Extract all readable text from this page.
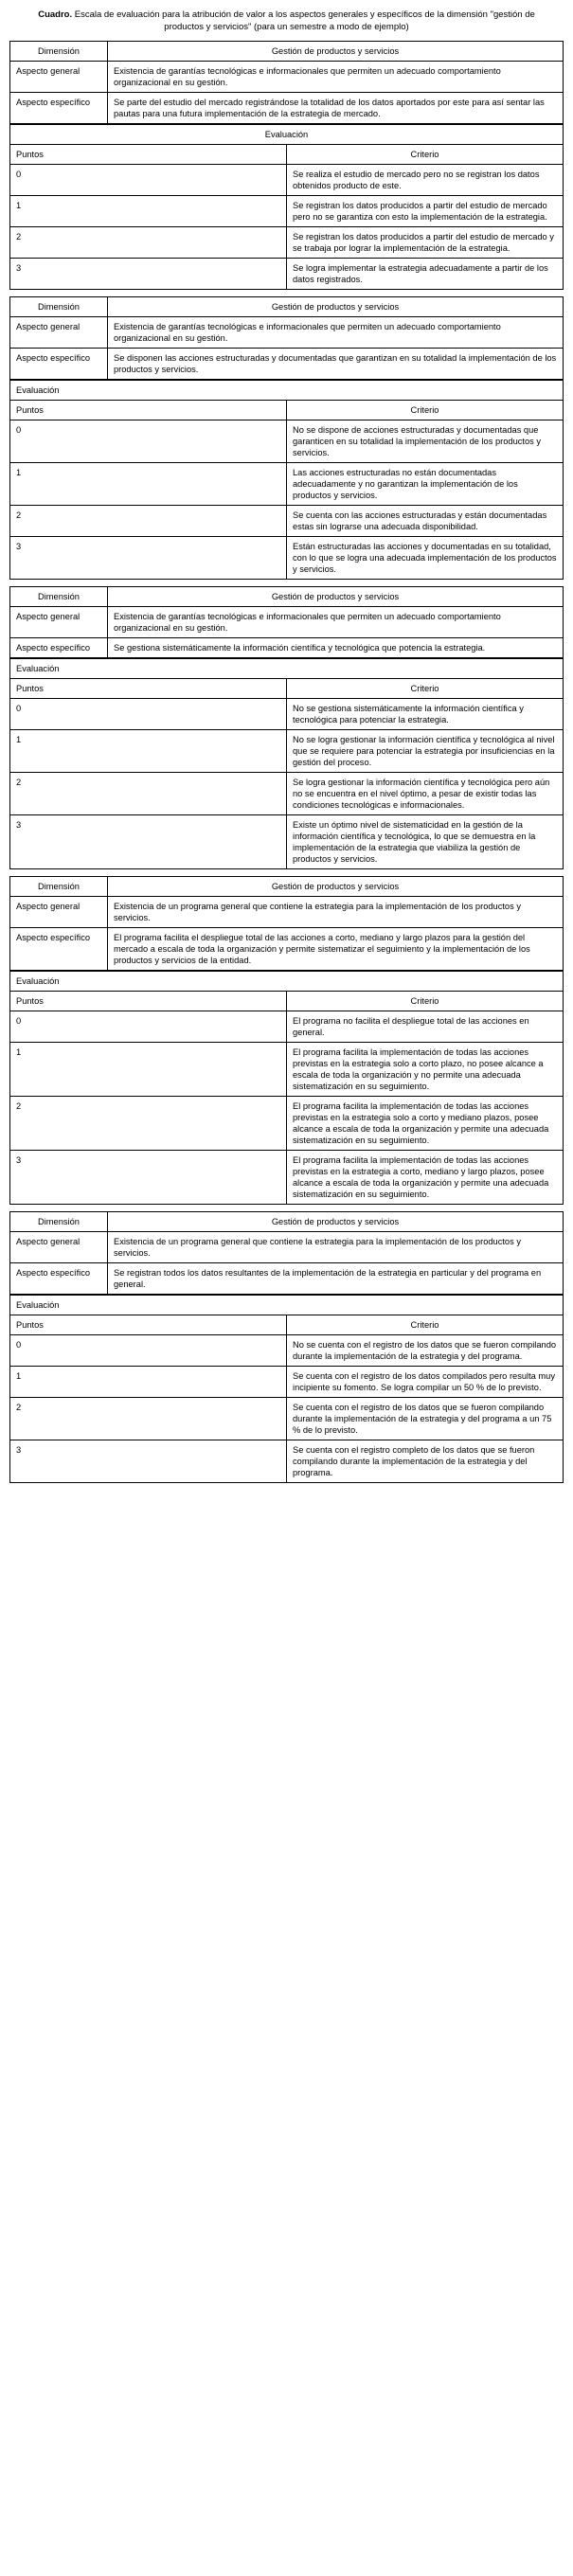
Cuadro. Escala de evaluación para la atribución de valor a los aspectos generales y específicos de la dimensión "gestión de productos y servicios" (para un semestre a modo de ejemplo)
Dimensión	Gestión de productos y servicios
Aspecto general	Existencia de garantías tecnológicas e informacionales que permiten un adecuado comportamiento organizacional en su gestión.
Aspecto específico	Se parte del estudio del mercado registrándose la totalidad de los datos aportados por este para así sentar las pautas para una futura implementación de la estrategia de mercado.
Evaluación	
Puntos	Criterio
0	Se realiza el estudio de mercado pero no se registran los datos obtenidos producto de este.
1	Se registran los datos producidos a partir del estudio de mercado pero no se garantiza con esto la implementación de la estrategia.
2	Se registran los datos producidos a partir del estudio de mercado y se trabaja por lograr la implementación de la estrategia.
3	Se logra implementar la estrategia adecuadamente a partir de los datos registrados.
Dimensión	Gestión de productos y servicios
Aspecto general	Existencia de garantías tecnológicas e informacionales que permiten un adecuado comportamiento organizacional en su gestión.
Aspecto específico	Se disponen las acciones estructuradas y documentadas que garantizan en su totalidad la implementación de los productos y servicios.
Evaluación	
Puntos	Criterio
0	No se dispone de acciones estructuradas y documentadas que garanticen en su totalidad la implementación de los productos y servicios.
1	Las acciones estructuradas no están documentadas adecuadamente y no garantizan la implementación de los productos y servicios.
2	Se cuenta con las acciones estructuradas y están documentadas estas sin lograrse una adecuada disponibilidad.
3	Están estructuradas las acciones y documentadas en su totalidad, con lo que se logra una adecuada implementación de los productos y servicios.
Dimensión	Gestión de productos y servicios
Aspecto general	Existencia de garantías tecnológicas e informacionales que permiten un adecuado comportamiento organizacional en su gestión.
Aspecto específico	Se gestiona sistemáticamente la información científica y tecnológica que potencia la estrategia.
Evaluación	
Puntos	Criterio
0	No se gestiona sistemáticamente la información científica y tecnológica para potenciar la estrategia.
1	No se logra gestionar la información científica y tecnológica al nivel que se requiere para potenciar la estrategia por insuficiencias en la gestión del proceso.
2	Se logra gestionar la información científica y tecnológica pero aún no se encuentra en el nivel óptimo, a pesar de existir todas las condiciones tecnológicas e informacionales.
3	Existe un óptimo nivel de sistematicidad en la gestión de la información científica y tecnológica, lo que se demuestra en la implementación de la estrategia que viabiliza la gestión de productos y servicios.
Dimensión	Gestión de productos y servicios
Aspecto general	Existencia de un programa general que contiene la estrategia para la implementación de los productos y servicios.
Aspecto específico	El programa facilita el despliegue total de las acciones a corto, mediano y largo plazos para la gestión del mercado a escala de toda la organización y permite sistematizar el seguimiento y la implementación de los productos y servicios de la entidad.
Evaluación	
Puntos	Criterio
0	El programa no facilita el despliegue total de las acciones en general.
1	El programa facilita la implementación de todas las acciones previstas en la estrategia solo a corto plazo, no posee alcance a escala de toda la organización y no permite una adecuada sistematización en su seguimiento.
2	El programa facilita la implementación de todas las acciones previstas en la estrategia solo a corto y mediano plazos, posee alcance a escala de toda la organización y permite una adecuada sistematización en su seguimiento.
3	El programa facilita la implementación de todas las acciones previstas en la estrategia a corto, mediano y largo plazos, posee alcance a escala de toda la organización y permite una adecuada sistematización en su seguimiento.
Dimensión	Gestión de productos y servicios
Aspecto general	Existencia de un programa general que contiene la estrategia para la implementación de los productos y servicios.
Aspecto específico	Se registran todos los datos resultantes de la implementación de la estrategia en particular y del programa en general.
Evaluación	
Puntos	Criterio
0	No se cuenta con el registro de los datos que se fueron compilando durante la implementación de la estrategia y del programa.
1	Se cuenta con el registro de los datos compilados pero resulta muy incipiente su fomento. Se logra compilar un 50 % de lo previsto.
2	Se cuenta con el registro de los datos que se fueron compilando durante la implementación de la estrategia y del programa a un 75 % de lo previsto.
3	Se cuenta con el registro completo de los datos que se fueron compilando durante la implementación de la estrategia y del programa.
